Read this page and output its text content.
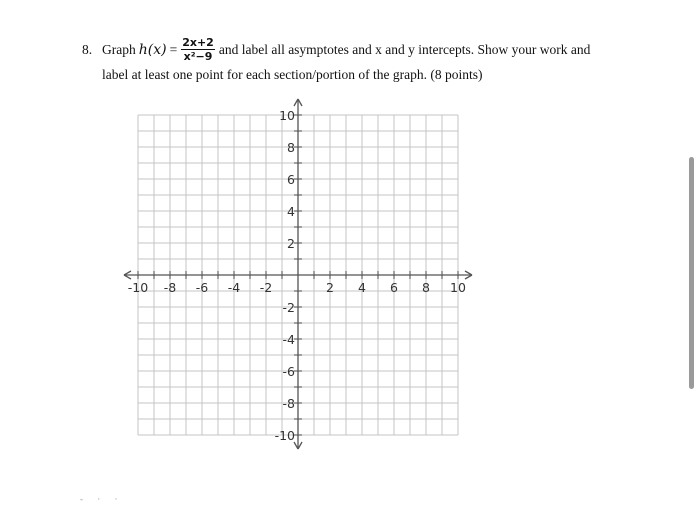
8. Graph $h(x) = \frac{2x+2}{\text{x²−9}}$ and label all asymptotes and x and y intercepts. Show your work and
label at least one point for each section/portion of the graph. (8 points)
-10 -8 -6 -4 -2	2 4 6 8 10
10
8
6
4
2
-2
-4
-6
-8
-10
- · ·
